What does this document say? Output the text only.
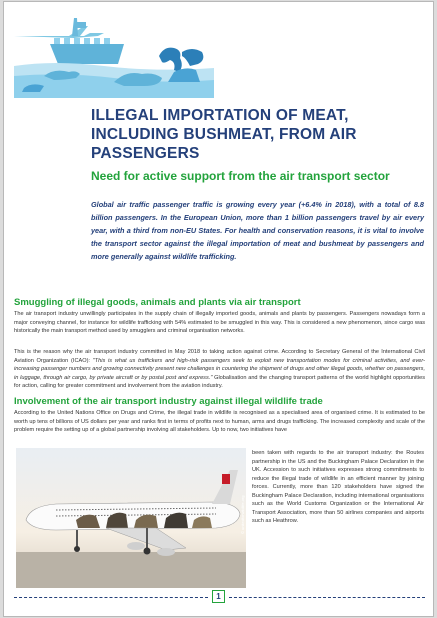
ILLEGAL IMPORTATION OF MEAT, INCLUDING BUSHMEAT, FROM AIR PASSENGERS
Need for active support from the air transport sector

Global air traffic passenger traffic is growing every year (+6.4% in 2018), with a total of 8.8 billion passengers. In the European Union, more than 1 billion passengers travel by air every year, with a third from non-EU States. For health and conservation reasons, it is vital to involve the transport sector against the illegal importation of meat and bushmeat by passengers and more generally against wildlife trafficking.

Smuggling of illegal goods, animals and plants via air transport

The air transport industry unwillingly participates in the supply chain of illegally imported goods, animals and plants by passengers. Passengers nowadays form a major conveying channel, for instance for wildlife trafficking with 54% estimated to be smuggled in this way. This is considered a new phenomenon, since cargo was historically the main transport method used by smugglers and criminal organisation networks.

This is the reason why the air transport industry committed in May 2018 to taking action against crime. According to Secretary General of the International Civil Aviation Organization (ICAO): "This is what us traffickers and high-risk passengers seek to exploit new transportation modes for criminal activities, and ever-increasing passenger numbers and growing connectivity present new challenges in countering the shipment of drugs and other illegal goods, whether on passengers, in luggage, through air cargo, by private aircraft or by postal post and express." Globalisation and the changing transport patterns of the world highlight opportunities for action, calling for greater commitment and involvement from the aviation industry.

Involvement of the air transport industry against illegal wildlife trade

According to the United Nations Office on Drugs and Crime, the illegal trade in wildlife is recognised as a specialised area of organised crime. It is estimated to be worth up tens of billions of US dollars per year and ranks first in terms of profits next to human, arms and drugs trafficking. The increased complexity and scale of the problem require the setting up of a global partnership involving all stakeholders. Up to now, two initiatives have

© unitedforwildlife.org

been taken with regards to the air transport industry: the Routes partnership in the US and the Buckingham Palace Declaration in the UK. Accession to such initiatives expresses strong commitments to reduce the illegal trade of wildlife in an efficient manner by joining forces. Currently, more than 120 stakeholders have signed the Buckingham Palace Declaration, including international organisations such as the World Customs Organization or the International Air Transport Association, more than 50 airlines companies and airports such as Heathrow.

1
